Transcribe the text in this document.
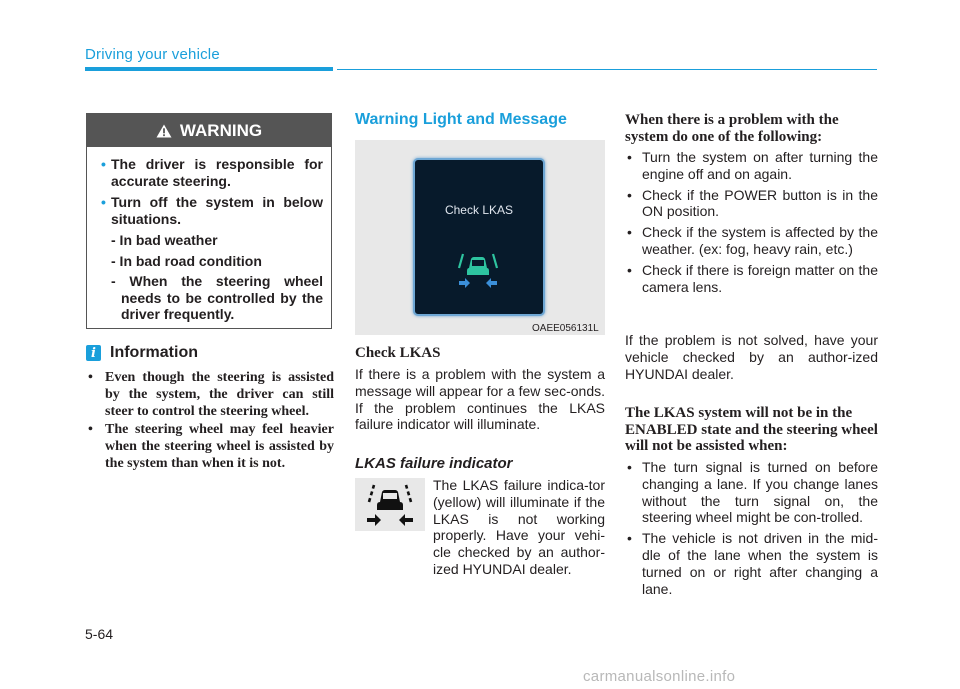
Driving your vehicle
WARNING
• The driver is responsible for accurate steering.
• Turn off the system in below situations.
- In bad weather
- In bad road condition
- When the steering wheel needs to be controlled by the driver frequently.
i Information
• Even though the steering is assisted by the system, the driver can still steer to control the steering wheel.
• The steering wheel may feel heavier when the steering wheel is assisted by the system than when it is not.
Warning Light and Message
Check LKAS
OAEE056131L
Check LKAS
If there is a problem with the system a message will appear for a few sec-onds. If the problem continues the LKAS failure indicator will illuminate.
LKAS failure indicator
The LKAS failure indica-tor (yellow) will illuminate if the LKAS is not working properly. Have your vehi-cle checked by an author-ized HYUNDAI dealer.
When there is a problem with the system do one of the following:
• Turn the system on after turning the engine off and on again.
• Check if the POWER button is in the ON position.
• Check if the system is affected by the weather. (ex: fog, heavy rain, etc.)
• Check if there is foreign matter on the camera lens.
If the problem is not solved, have your vehicle checked by an author-ized HYUNDAI dealer.
The LKAS system will not be in the ENABLED state and the steering wheel will not be assisted when:
• The turn signal is turned on before changing a lane. If you change lanes without the turn signal on, the steering wheel might be con-trolled.
• The vehicle is not driven in the mid-dle of the lane when the system is turned on or right after changing a lane.
5-64
carmanualsonline.info
